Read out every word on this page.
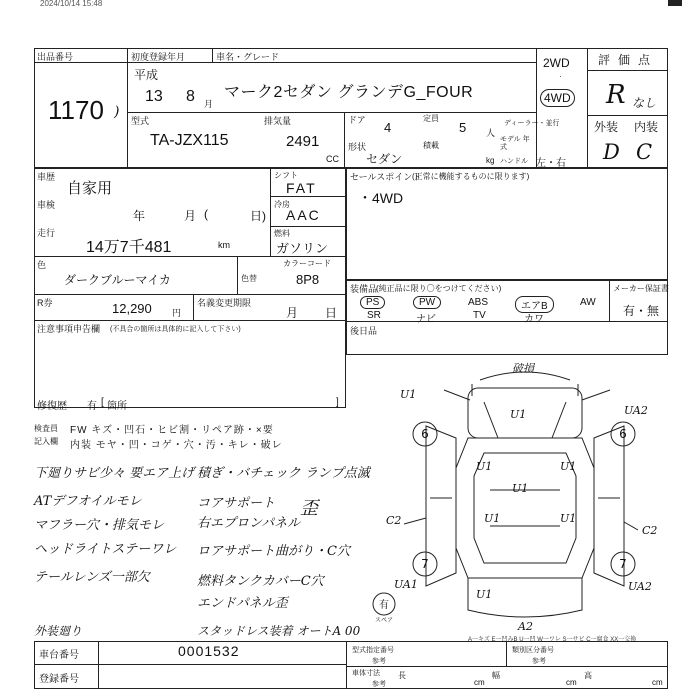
2024/10/14 15:48
出品番号
1170 )
初度登録年月	車名・グレード
平成
13 8 月
マーク2セダン グランデG_FOUR
2WD
·
4WD
型式
TA-JZX115
排気量
2491
CC
ドア 4
形状
セダン
定員
5 人
積載
kg
ディーラー・並行
モデル 年式
ハンドル 左・右
評価点
R なし
外装 内装
D C
車歴
自家用
車検
年	月 (	日)
走行
14万7千481	km
シフト
FAT
冷房
AAC
燃料
ガソリン
色
ダークブルーマイカ
カラーコード
色替	8P8
R券	12,290 円
名義変更期限
月 日
注意事項申告欄 (不具合の箇所は具体的に記入して下さい)
修復歴 有 [ 箇所	]
セールスポイント
(正常に機能するものに限ります)
・4WD
装備品
(純正品に限り〇をつけてください)
PS
SR
PW
ナビ
ABS
TV
エアB
カワ
AW
メーカー保証書
有・無
後日品
検査員
記入欄
FW キズ・凹石・ヒビ割・リペア跡・×要
内装 モヤ・凹・コゲ・穴・汚・キレ・破レ
下廻りサビ少々 要エア上げ
ATデフオイルモレ
マフラー穴・排気モレ
ヘッドライトステーワレ
テールレンズ一部欠
積ぎ・バチェック ランプ点滅
コアサポート
右エプロンパネル
歪
ロアサポート曲がり・C穴
燃料タンクカバーC穴
エンドパネル歪
スタッドレス装着 オートA 00
外装廻り
破損
U1
U1
U1	U1
U1
U1	U1
U1
UA2
C2
C2
UA1	UA2
A2
6	6
7	7
有
スペア
A一キズ E一凹みB U一凹 W一ワレ S一サビ C一腐食 XX一交換
車台番号	0001532
登録番号
型式指定番号
参考
類別区分番号
参考
車体寸法
参考
長
cm
幅
cm
高
cm
